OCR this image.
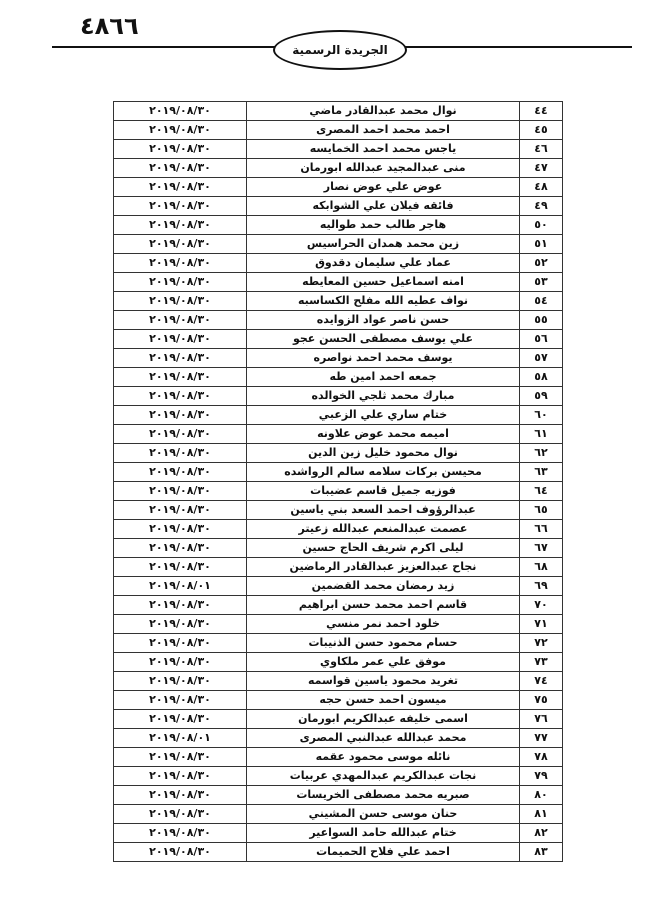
٤٨٦٦
الجريدة الرسمية
٤٤	نوال محمد عبدالقادر ماضي	٢٠١٩/٠٨/٣٠
٤٥	احمد محمد احمد المصرى	٢٠١٩/٠٨/٣٠
٤٦	ياجس محمد احمد الخمايسه	٢٠١٩/٠٨/٣٠
٤٧	منى عبدالمجيد عبدالله ابورمان	٢٠١٩/٠٨/٣٠
٤٨	عوض علي عوض نصار	٢٠١٩/٠٨/٣٠
٤٩	فائقه فيلان علي الشوابكه	٢٠١٩/٠٨/٣٠
٥٠	هاجر طالب حمد طواليه	٢٠١٩/٠٨/٣٠
٥١	زين محمد همدان الحراسيس	٢٠١٩/٠٨/٣٠
٥٢	عماد علي سليمان دقدوق	٢٠١٩/٠٨/٣٠
٥٣	امنه اسماعيل حسين المعايطه	٢٠١٩/٠٨/٣٠
٥٤	نواف عطيه الله مفلح الكساسبه	٢٠١٩/٠٨/٣٠
٥٥	حسن ناصر عواد الزوايده	٢٠١٩/٠٨/٣٠
٥٦	علي يوسف مصطفى الحسن عجو	٢٠١٩/٠٨/٣٠
٥٧	يوسف محمد احمد نواصره	٢٠١٩/٠٨/٣٠
٥٨	جمعه احمد امين طه	٢٠١٩/٠٨/٣٠
٥٩	مبارك محمد ثلجي الخوالده	٢٠١٩/٠٨/٣٠
٦٠	ختام ساري علي الزعبي	٢٠١٩/٠٨/٣٠
٦١	اميمه محمد عوض علاونه	٢٠١٩/٠٨/٣٠
٦٢	نوال محمود خليل زين الدين	٢٠١٩/٠٨/٣٠
٦٣	محيسن بركات سلامه سالم الرواشده	٢٠١٩/٠٨/٣٠
٦٤	فوزيه جميل قاسم عضيبات	٢٠١٩/٠٨/٣٠
٦٥	عبدالرؤوف احمد السعد بني ياسين	٢٠١٩/٠٨/٣٠
٦٦	عصمت عبدالمنعم عبدالله زعيتر	٢٠١٩/٠٨/٣٠
٦٧	ليلى اكرم شريف الحاج حسين	٢٠١٩/٠٨/٣٠
٦٨	نجاح عبدالعزيز عبدالقادر الرماضين	٢٠١٩/٠٨/٣٠
٦٩	زيد رمضان محمد القضمين	٢٠١٩/٠٨/٠١
٧٠	قاسم احمد محمد حسن ابراهيم	٢٠١٩/٠٨/٣٠
٧١	خلود احمد نمر منسي	٢٠١٩/٠٨/٣٠
٧٢	حسام محمود حسن الذنيبات	٢٠١٩/٠٨/٣٠
٧٣	موفق علي عمر ملكاوي	٢٠١٩/٠٨/٣٠
٧٤	تغريد محمود ياسين قواسمه	٢٠١٩/٠٨/٣٠
٧٥	ميسون احمد حسن حجه	٢٠١٩/٠٨/٣٠
٧٦	اسمى خليفه عبدالكريم ابورمان	٢٠١٩/٠٨/٣٠
٧٧	محمد عبدالله عبدالنبي المصرى	٢٠١٩/٠٨/٠١
٧٨	نائله موسى محمود عقمه	٢٠١٩/٠٨/٣٠
٧٩	نجات عبدالكريم عبدالمهدي عربيات	٢٠١٩/٠٨/٣٠
٨٠	صبريه محمد مصطفى الخريسات	٢٠١٩/٠٨/٣٠
٨١	حنان موسى حسن المشيني	٢٠١٩/٠٨/٣٠
٨٢	ختام عبدالله حامد السواعير	٢٠١٩/٠٨/٣٠
٨٣	احمد علي فلاح الحميمات	٢٠١٩/٠٨/٣٠
